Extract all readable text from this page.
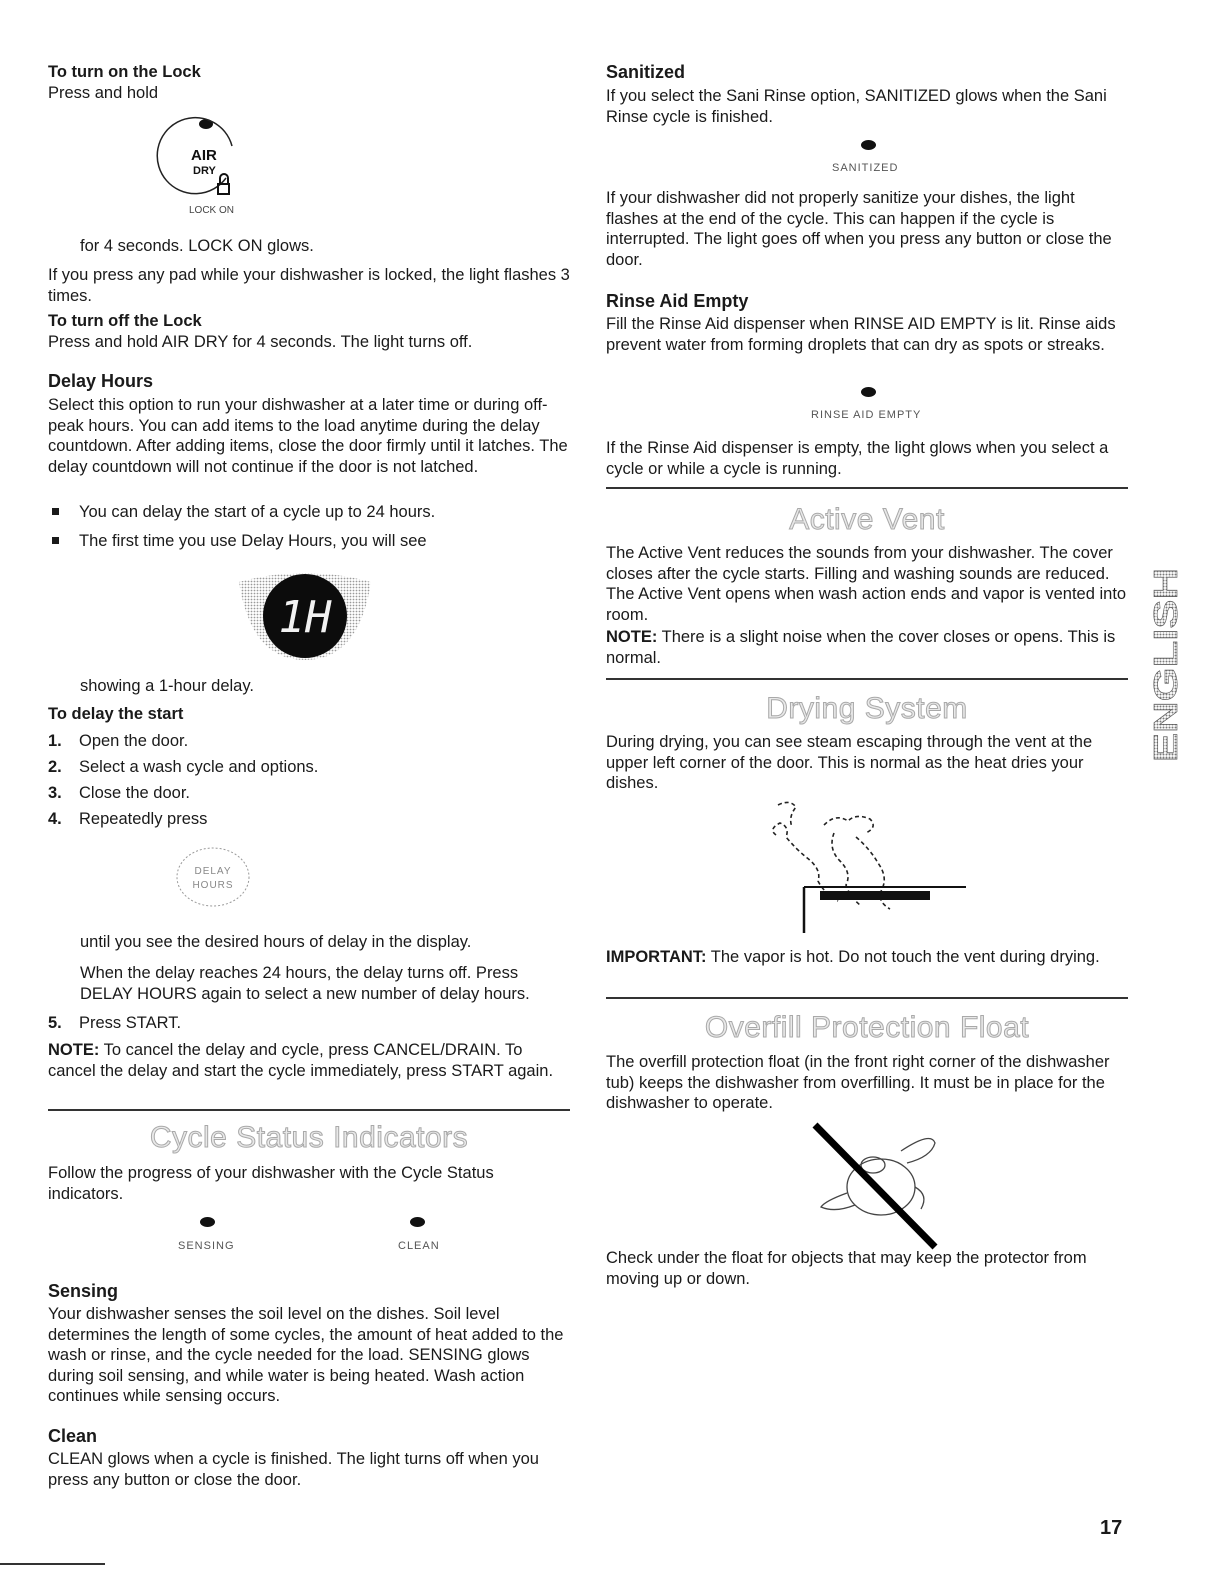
To turn on the Lock

Press and hold

AIR
DRY
LOCK ON

for 4 seconds. LOCK ON glows.

If you press any pad while your dishwasher is locked, the light flashes 3 times.

To turn off the Lock

Press and hold AIR DRY for 4 seconds. The light turns off.

Delay Hours

Select this option to run your dishwasher at a later time or during off-peak hours. You can add items to the load anytime during the delay countdown. After adding items, close the door firmly until it latches. The delay countdown will not continue if the door is not latched.

You can delay the start of a cycle up to 24 hours.
The first time you use Delay Hours, you will see
1H

showing a 1-hour delay.

To delay the start

1. Open the door.
2. Select a wash cycle and options.
3. Close the door.
4. Repeatedly press
DELAY
HOURS

until you see the desired hours of delay in the display.

When the delay reaches 24 hours, the delay turns off. Press DELAY HOURS again to select a new number of delay hours.

5. Press START.

NOTE: To cancel the delay and cycle, press CANCEL/DRAIN. To cancel the delay and start the cycle immediately, press START again.

Cycle Status Indicators

Follow the progress of your dishwasher with the Cycle Status indicators.

SENSING	CLEAN

Sensing

Your dishwasher senses the soil level on the dishes. Soil level determines the length of some cycles, the amount of heat added to the wash or rinse, and the cycle needed for the load. SENSING glows during soil sensing, and while water is being heated. Wash action continues while sensing occurs.

Clean

CLEAN glows when a cycle is finished. The light turns off when you press any button or close the door.

Sanitized

If you select the Sani Rinse option, SANITIZED glows when the Sani Rinse cycle is finished.

SANITIZED

If your dishwasher did not properly sanitize your dishes, the light flashes at the end of the cycle. This can happen if the cycle is interrupted. The light goes off when you press any button or close the door.

Rinse Aid Empty

Fill the Rinse Aid dispenser when RINSE AID EMPTY is lit. Rinse aids prevent water from forming droplets that can dry as spots or streaks.

RINSE AID EMPTY

If the Rinse Aid dispenser is empty, the light glows when you select a cycle or while a cycle is running.

Active Vent

The Active Vent reduces the sounds from your dishwasher. The cover closes after the cycle starts. Filling and washing sounds are reduced. The Active Vent opens when wash action ends and vapor is vented into room.

NOTE: There is a slight noise when the cover closes or opens. This is normal.

Drying System

During drying, you can see steam escaping through the vent at the upper left corner of the door. This is normal as the heat dries your dishes.

IMPORTANT: The vapor is hot. Do not touch the vent during drying.

Overfill Protection Float

The overfill protection float (in the front right corner of the dishwasher tub) keeps the dishwasher from overfilling. It must be in place for the dishwasher to operate.

Check under the float for objects that may keep the protector from moving up or down.

ENGLISH
17
